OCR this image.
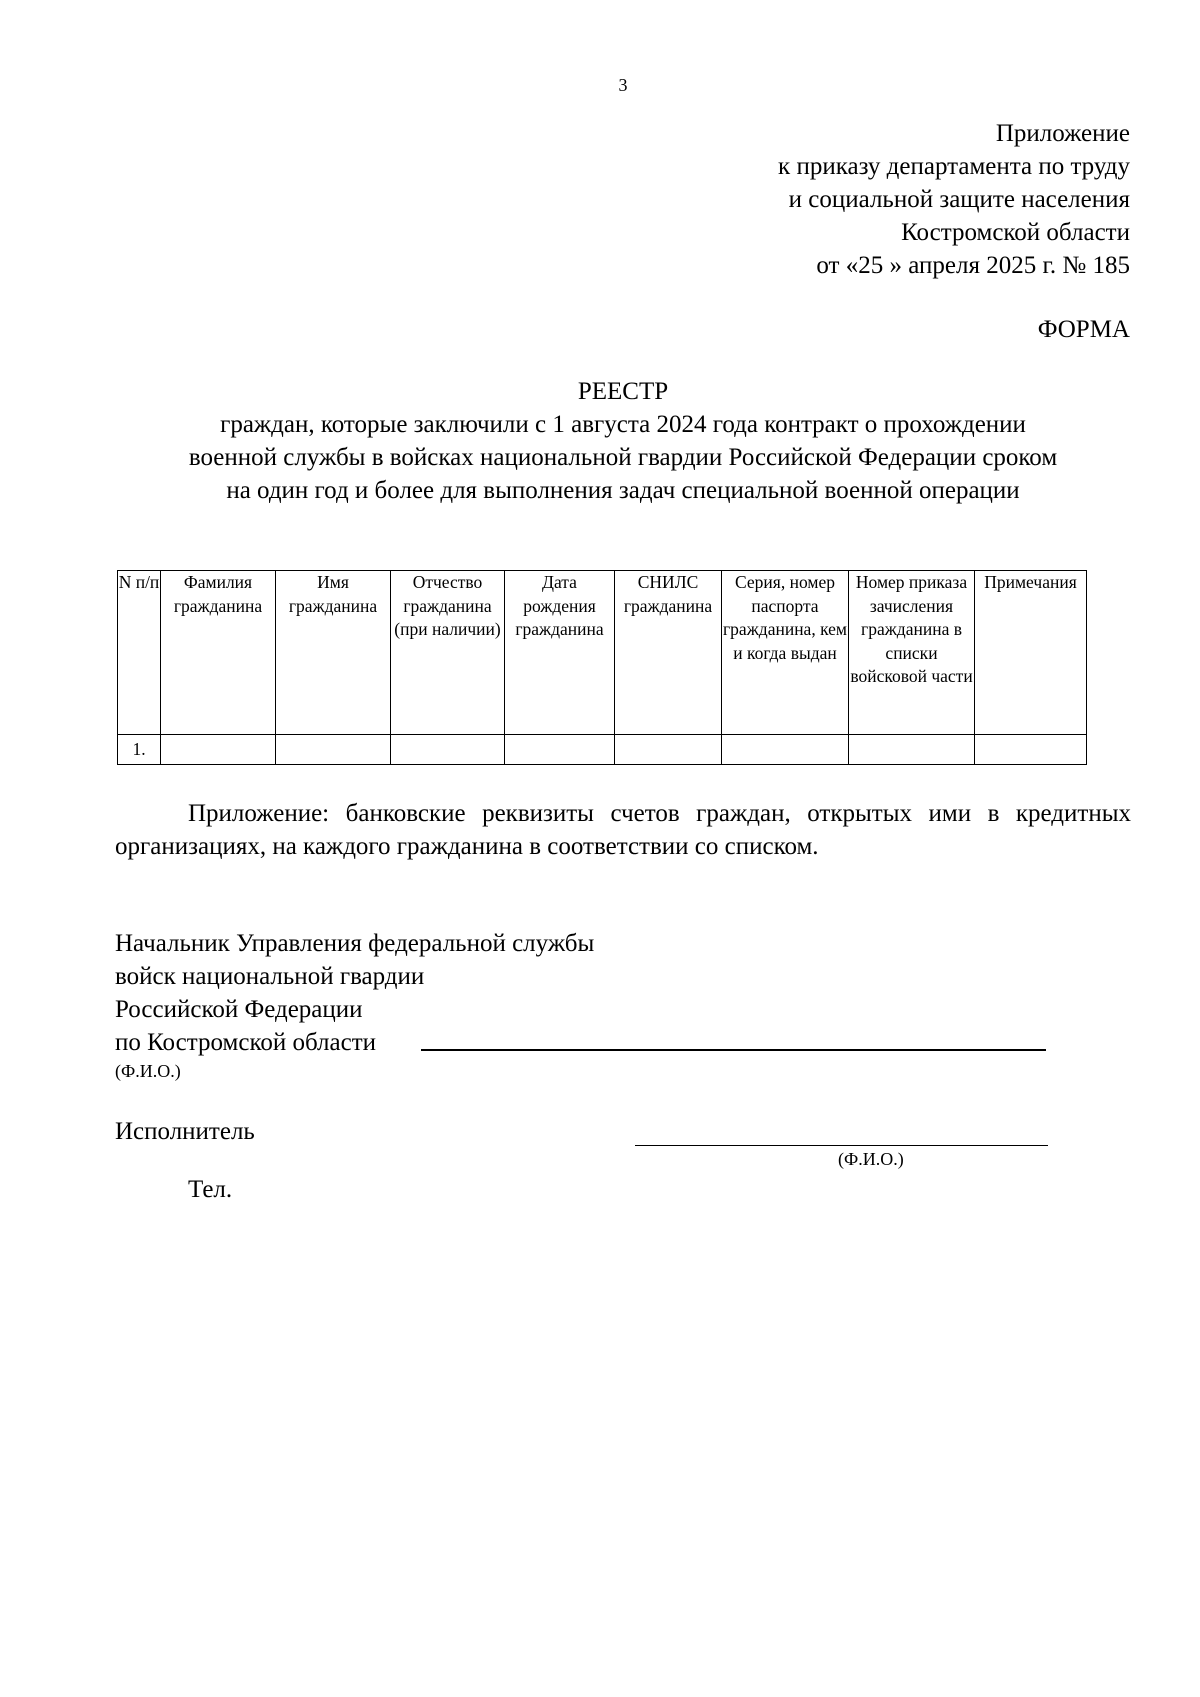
3
Приложение
к приказу департамента по труду
и социальной защите населения
Костромской области
от «25 » апреля 2025 г. № 185
ФОРМА
РЕЕСТР
граждан, которые заключили с 1 августа 2024 года контракт о прохождении
военной службы в войсках национальной гвардии Российской Федерации сроком
на один год и более для выполнения задач специальной военной операции
N п/п	Фамилия гражданина	Имя гражданина	Отчество гражданина (при наличии)	Дата рождения гражданина	СНИЛС гражданина	Серия, номер паспорта гражданина, кем и когда выдан	Номер приказа зачисления гражданина в списки войсковой части	Примечания
1.								
Приложение: банковские реквизиты счетов граждан, открытых ими в кредитных организациях, на каждого гражданина в соответствии со списком.
Начальник Управления федеральной службы
войск национальной гвардии
Российской Федерации
по Костромской области
(Ф.И.О.)
Исполнитель
(Ф.И.О.)
Тел.
